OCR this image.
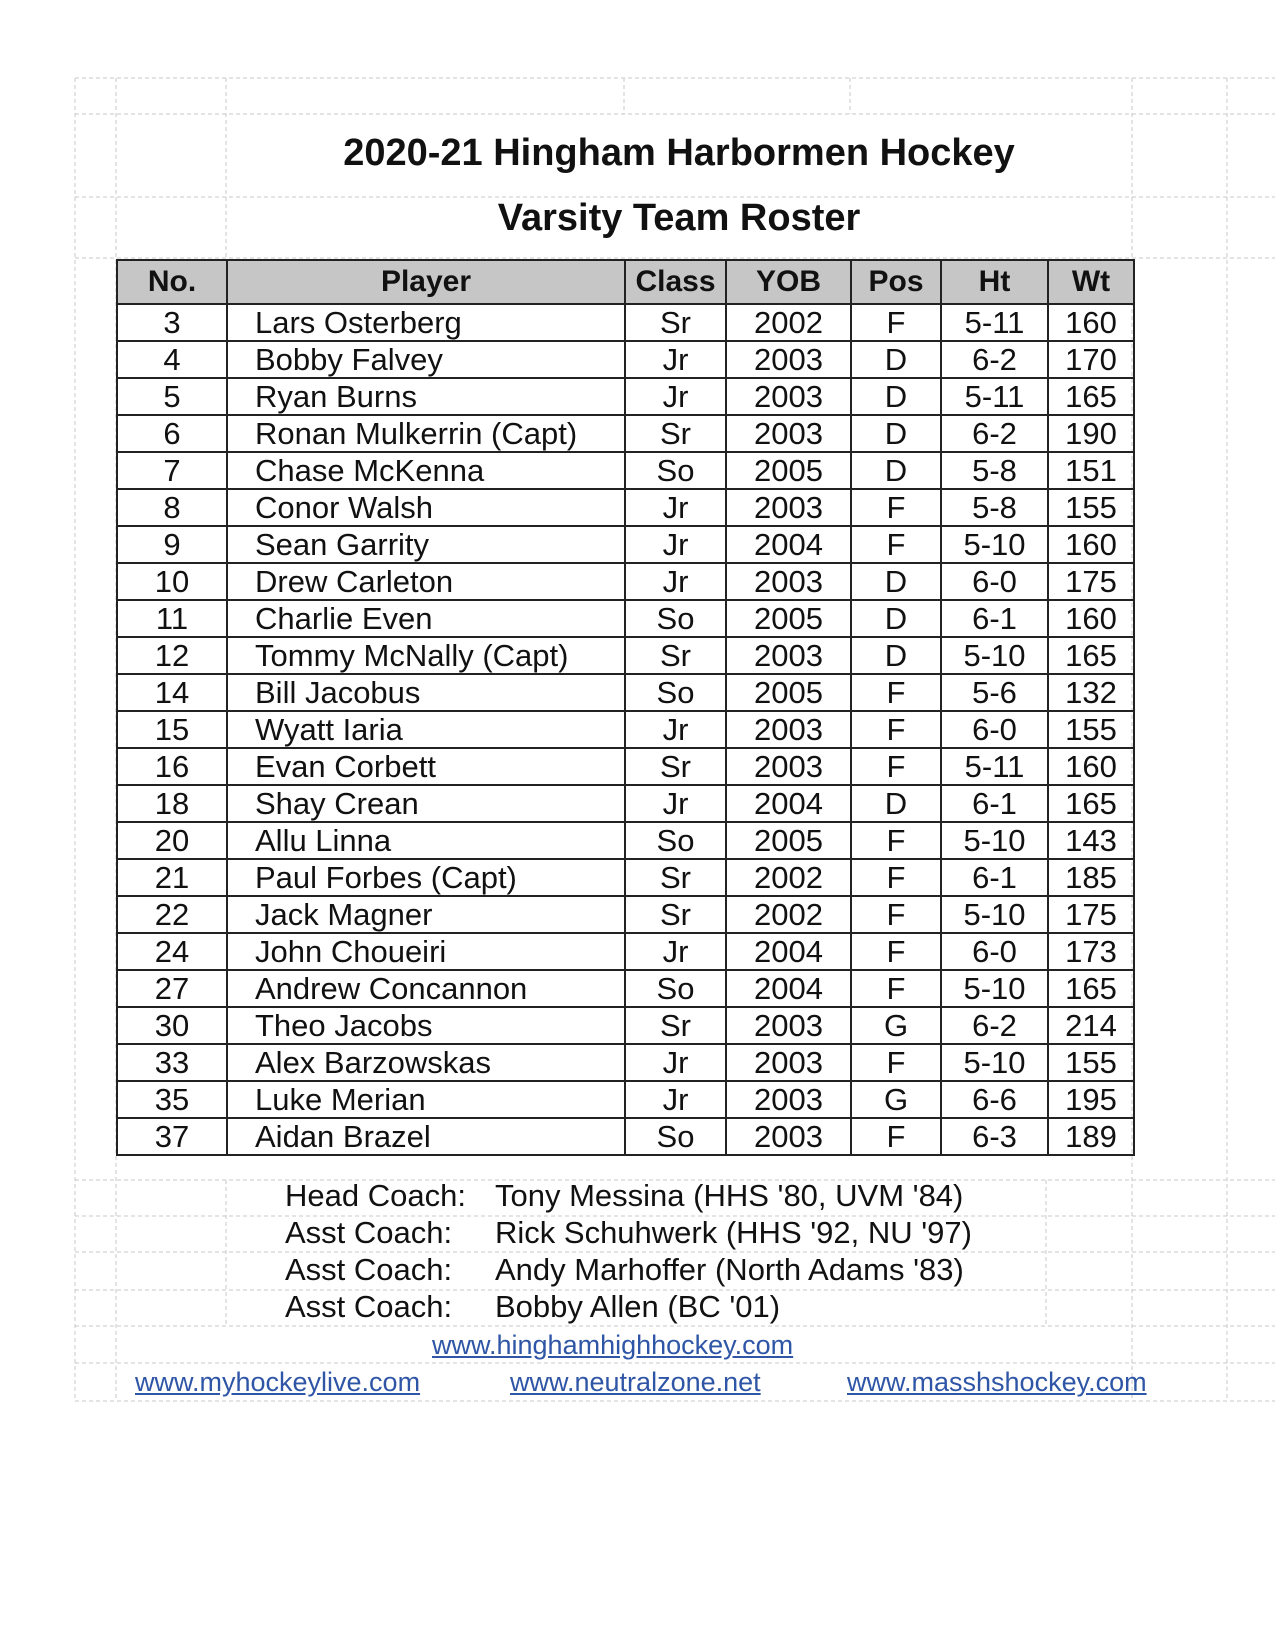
2020-21 Hingham Harbormen Hockey
Varsity Team Roster
No.	Player	Class	YOB	Pos	Ht	Wt
3	Lars Osterberg	Sr	2002	F	5-11	160
4	Bobby Falvey	Jr	2003	D	6-2	170
5	Ryan Burns	Jr	2003	D	5-11	165
6	Ronan Mulkerrin (Capt)	Sr	2003	D	6-2	190
7	Chase McKenna	So	2005	D	5-8	151
8	Conor Walsh	Jr	2003	F	5-8	155
9	Sean Garrity	Jr	2004	F	5-10	160
10	Drew Carleton	Jr	2003	D	6-0	175
11	Charlie Even	So	2005	D	6-1	160
12	Tommy McNally (Capt)	Sr	2003	D	5-10	165
14	Bill Jacobus	So	2005	F	5-6	132
15	Wyatt Iaria	Jr	2003	F	6-0	155
16	Evan Corbett	Sr	2003	F	5-11	160
18	Shay Crean	Jr	2004	D	6-1	165
20	Allu Linna	So	2005	F	5-10	143
21	Paul Forbes (Capt)	Sr	2002	F	6-1	185
22	Jack Magner	Sr	2002	F	5-10	175
24	John Choueiri	Jr	2004	F	6-0	173
27	Andrew Concannon	So	2004	F	5-10	165
30	Theo Jacobs	Sr	2003	G	6-2	214
33	Alex Barzowskas	Jr	2003	F	5-10	155
35	Luke Merian	Jr	2003	G	6-6	195
37	Aidan Brazel	So	2003	F	6-3	189
Head Coach: Tony Messina (HHS '80, UVM '84)
Asst Coach: Rick Schuhwerk (HHS '92, NU '97)
Asst Coach: Andy Marhoffer (North Adams '83)
Asst Coach: Bobby Allen (BC '01)
www.hinghamhighhockey.com
www.myhockeylive.com	www.neutralzone.net	www.masshshockey.com
